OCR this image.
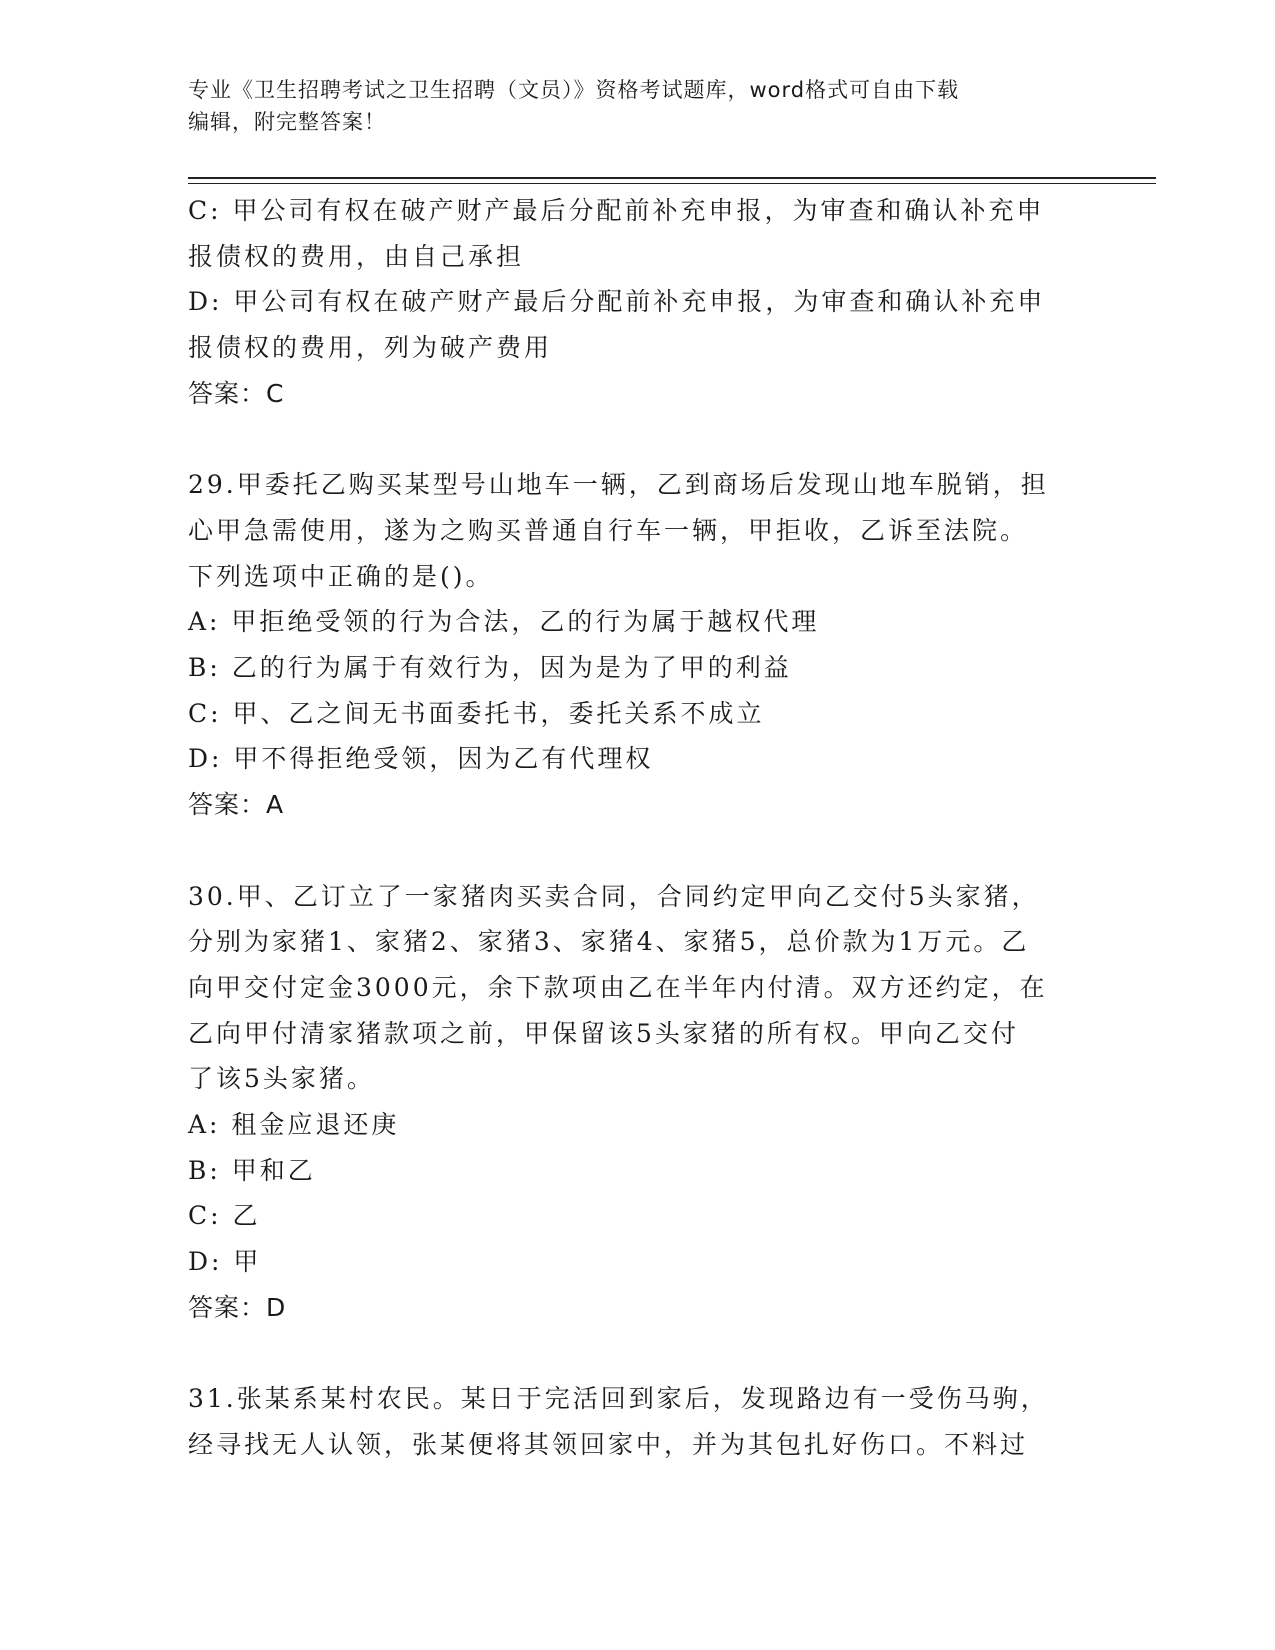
专业《卫生招聘考试之卫生招聘（文员）》资格考试题库，word格式可自由下载
编辑，附完整答案！
C: 甲公司有权在破产财产最后分配前补充申报，为审查和确认补充申
报债权的费用，由自己承担
D: 甲公司有权在破产财产最后分配前补充申报，为审查和确认补充申
报债权的费用，列为破产费用
答案：C
29.甲委托乙购买某型号山地车一辆，乙到商场后发现山地车脱销，担
心甲急需使用，遂为之购买普通自行车一辆，甲拒收，乙诉至法院。
下列选项中正确的是()。
A: 甲拒绝受领的行为合法，乙的行为属于越权代理
B: 乙的行为属于有效行为，因为是为了甲的利益
C: 甲、乙之间无书面委托书，委托关系不成立
D: 甲不得拒绝受领，因为乙有代理权
答案：A
30.甲、乙订立了一家猪肉买卖合同，合同约定甲向乙交付5头家猪，
分别为家猪1、家猪2、家猪3、家猪4、家猪5，总价款为1万元。乙
向甲交付定金3000元，余下款项由乙在半年内付清。双方还约定，在
乙向甲付清家猪款项之前，甲保留该5头家猪的所有权。甲向乙交付
了该5头家猪。
A: 租金应退还庚
B: 甲和乙
C: 乙
D: 甲
答案：D
31.张某系某村农民。某日于完活回到家后，发现路边有一受伤马驹，
经寻找无人认领，张某便将其领回家中，并为其包扎好伤口。不料过
